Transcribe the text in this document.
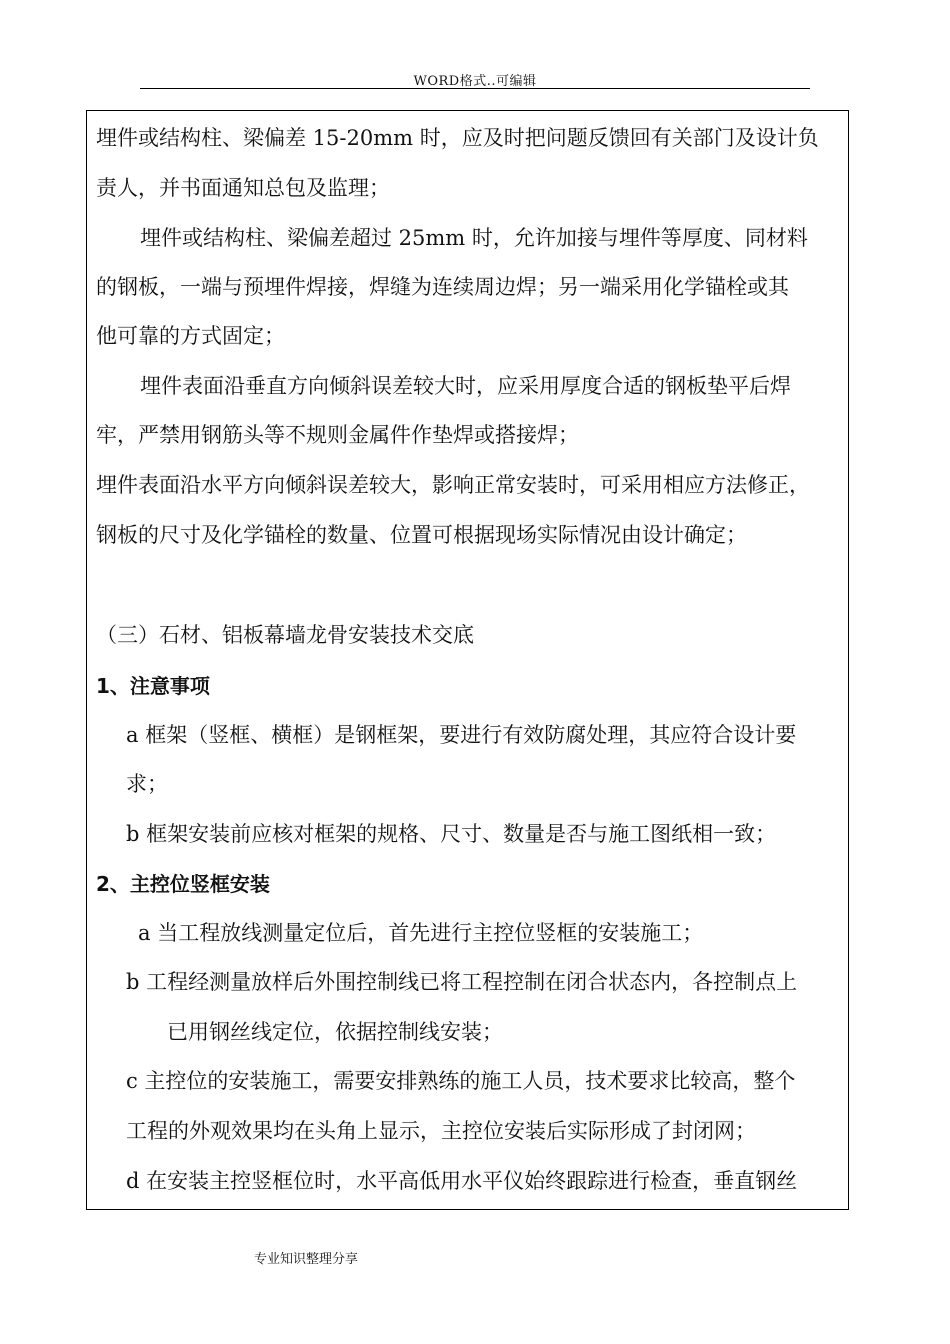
WORD格式..可编辑
埋件或结构柱、梁偏差 15-20mm 时，应及时把问题反馈回有关部门及设计负
责人，并书面通知总包及监理；
埋件或结构柱、梁偏差超过 25mm 时，允许加接与埋件等厚度、同材料
的钢板，一端与预埋件焊接，焊缝为连续周边焊；另一端采用化学锚栓或其
他可靠的方式固定；
埋件表面沿垂直方向倾斜误差较大时，应采用厚度合适的钢板垫平后焊
牢，严禁用钢筋头等不规则金属件作垫焊或搭接焊；
埋件表面沿水平方向倾斜误差较大，影响正常安装时，可采用相应方法修正，
钢板的尺寸及化学锚栓的数量、位置可根据现场实际情况由设计确定；
（三）石材、铝板幕墙龙骨安装技术交底
1、注意事项
a 框架（竖框、横框）是钢框架，要进行有效防腐处理，其应符合设计要
求；
b 框架安装前应核对框架的规格、尺寸、数量是否与施工图纸相一致；
2、主控位竖框安装
a 当工程放线测量定位后，首先进行主控位竖框的安装施工；
b 工程经测量放样后外围控制线已将工程控制在闭合状态内，各控制点上
已用钢丝线定位，依据控制线安装；
c 主控位的安装施工，需要安排熟练的施工人员，技术要求比较高，整个
工程的外观效果均在头角上显示，主控位安装后实际形成了封闭网；
d 在安装主控竖框位时，水平高低用水平仪始终跟踪进行检查，垂直钢丝
专业知识整理分享
